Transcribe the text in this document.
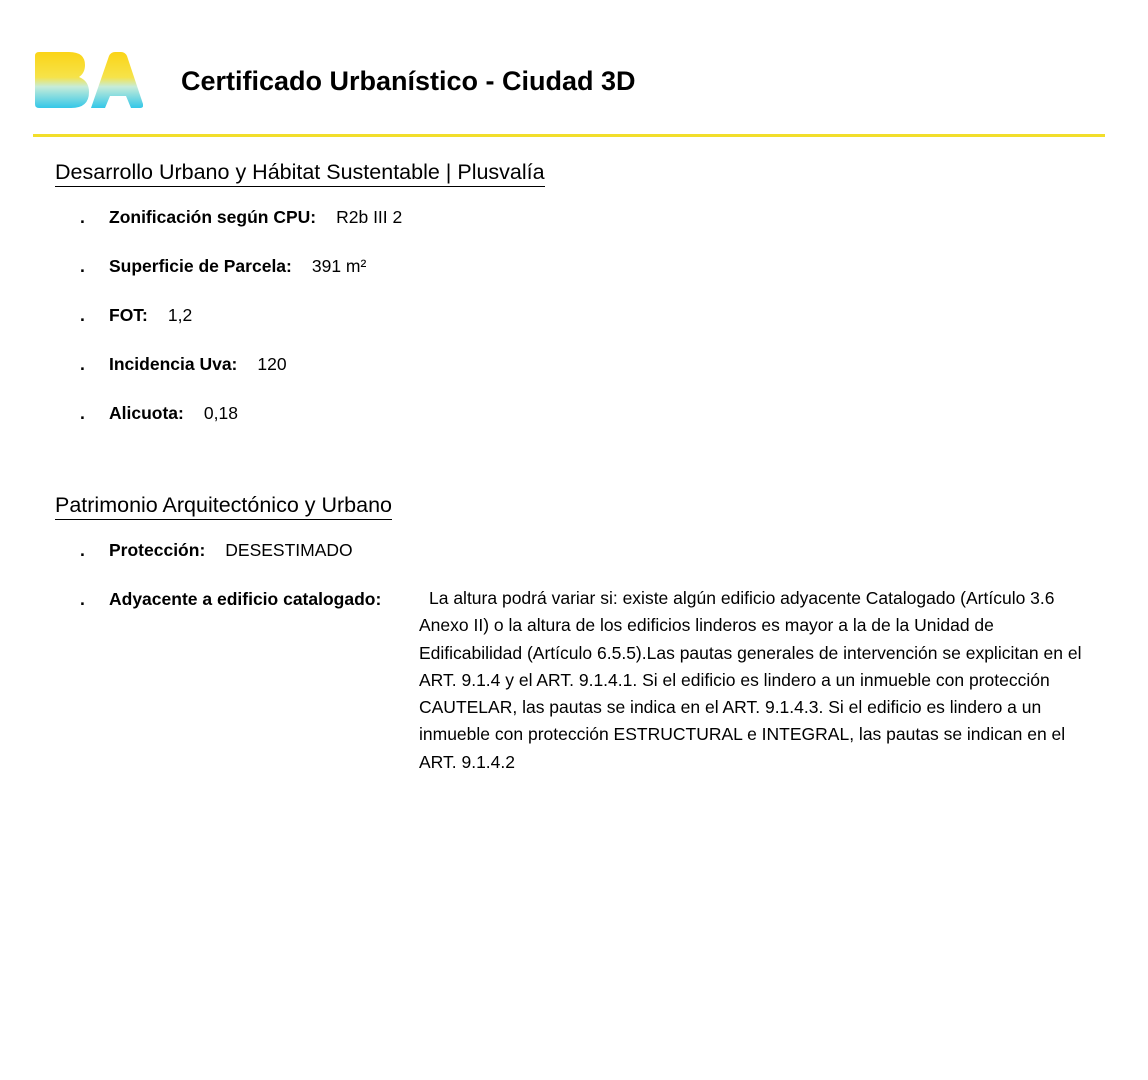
Certificado Urbanístico - Ciudad 3D
Desarrollo Urbano y Hábitat Sustentable | Plusvalía
. Zonificación según CPU: R2b III 2
. Superficie de Parcela: 391 m²
. FOT: 1,2
. Incidencia Uva: 120
. Alicuota: 0,18
Patrimonio Arquitectónico y Urbano
. Protección: DESESTIMADO
. Adyacente a edificio catalogado:	La altura podrá variar si: existe algún edificio adyacente Catalogado (Artículo 3.6 Anexo II) o la altura de los edificios linderos es mayor a la de la Unidad de Edificabilidad (Artículo 6.5.5).Las pautas generales de intervención se explicitan en el ART. 9.1.4 y el ART. 9.1.4.1. Si el edificio es lindero a un inmueble con protección CAUTELAR, las pautas se indica en el ART. 9.1.4.3. Si el edificio es lindero a un inmueble con protección ESTRUCTURAL e INTEGRAL, las pautas se indican en el ART. 9.1.4.2
